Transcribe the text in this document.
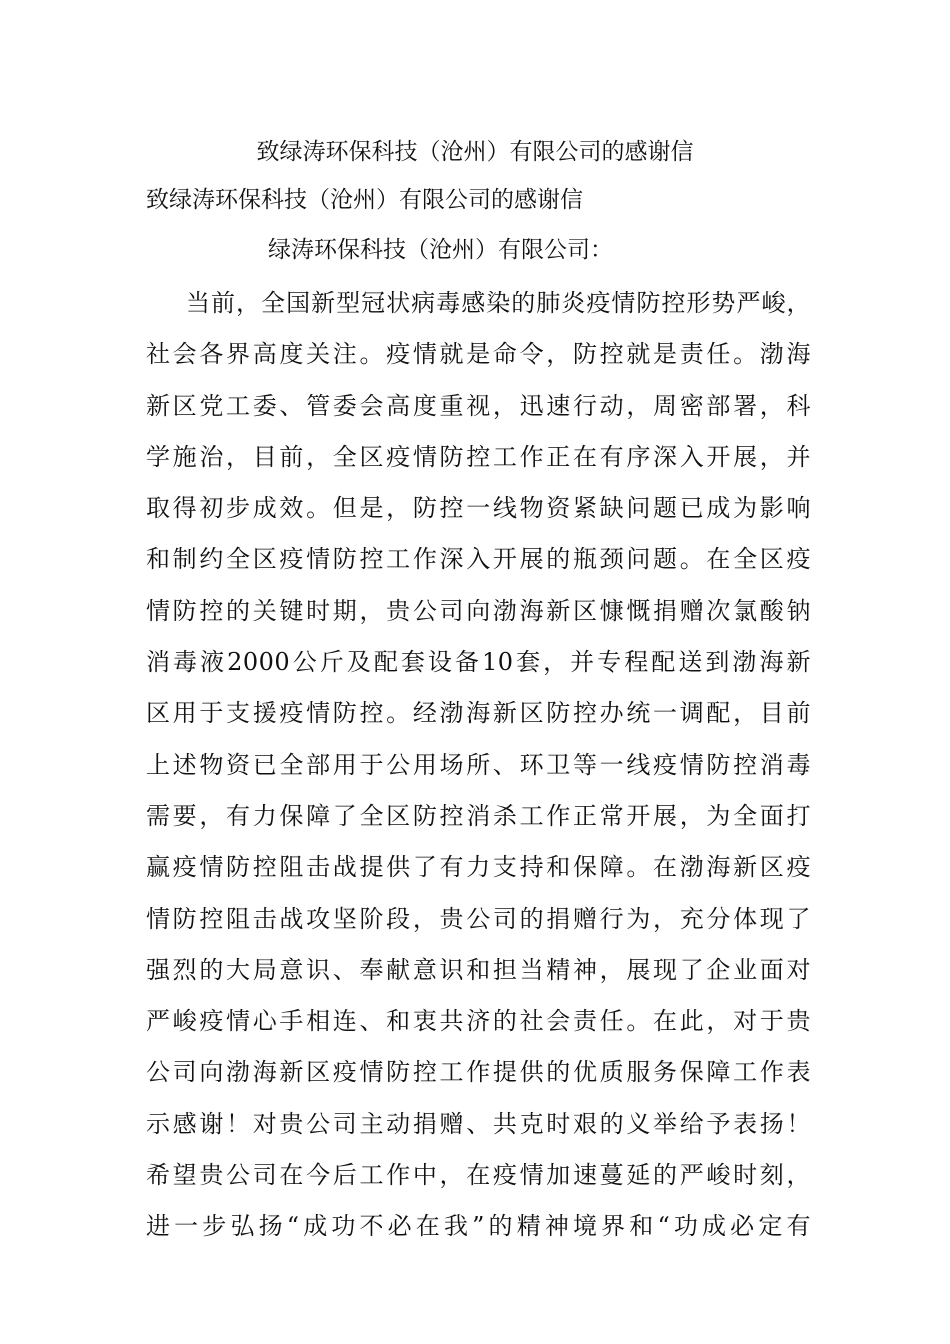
致绿涛环保科技（沧州）有限公司的感谢信
致绿涛环保科技（沧州）有限公司的感谢信
绿涛环保科技（沧州）有限公司：
当前，全国新型冠状病毒感染的肺炎疫情防控形势严峻，
社会各界高度关注。疫情就是命令，防控就是责任。渤海
新区党工委、管委会高度重视，迅速行动，周密部署，科
学施治，目前，全区疫情防控工作正在有序深入开展，并
取得初步成效。但是，防控一线物资紧缺问题已成为影响
和制约全区疫情防控工作深入开展的瓶颈问题。在全区疫
情防控的关键时期，贵公司向渤海新区慷慨捐赠次氯酸钠
消毒液2000公斤及配套设备10套，并专程配送到渤海新
区用于支援疫情防控。经渤海新区防控办统一调配，目前
上述物资已全部用于公用场所、环卫等一线疫情防控消毒
需要，有力保障了全区防控消杀工作正常开展，为全面打
赢疫情防控阻击战提供了有力支持和保障。在渤海新区疫
情防控阻击战攻坚阶段，贵公司的捐赠行为，充分体现了
强烈的大局意识、奉献意识和担当精神，展现了企业面对
严峻疫情心手相连、和衷共济的社会责任。在此，对于贵
公司向渤海新区疫情防控工作提供的优质服务保障工作表
示感谢！对贵公司主动捐赠、共克时艰的义举给予表扬！
希望贵公司在今后工作中，在疫情加速蔓延的严峻时刻，
进一步弘扬“成功不必在我”的精神境界和“功成必定有
